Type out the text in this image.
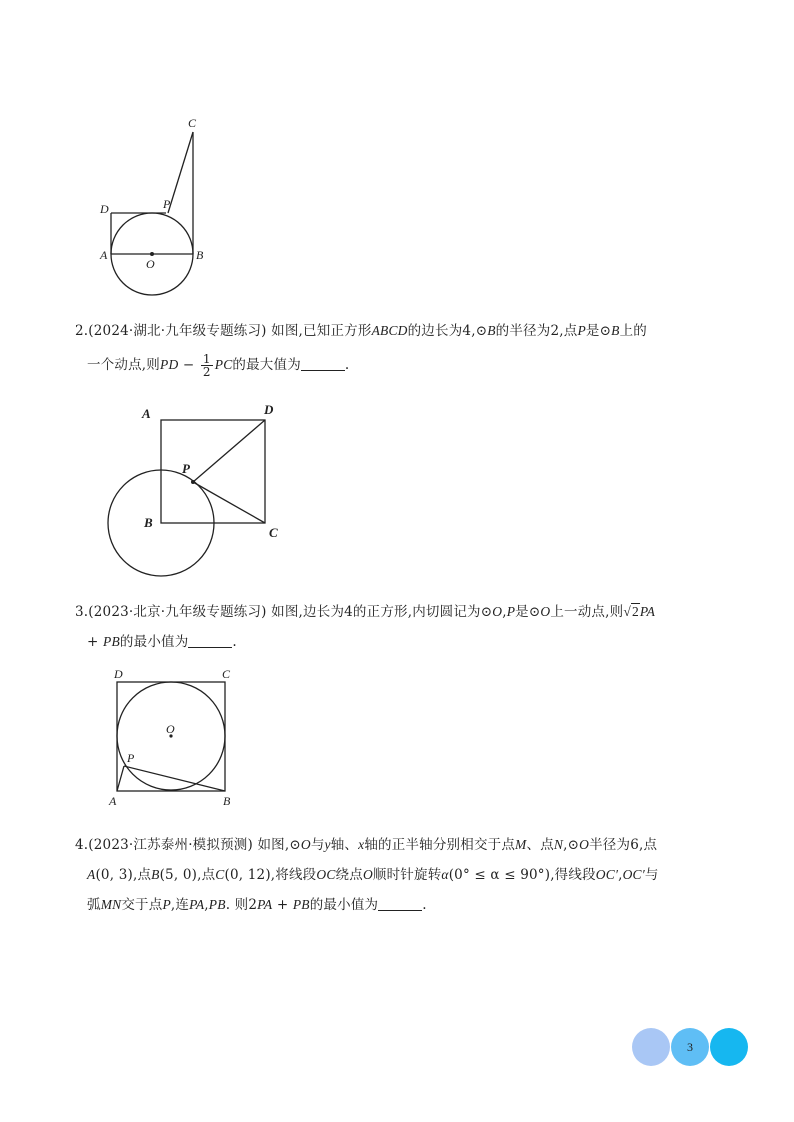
C
D	P
A
O
B
2.(2024·湖北·九年级专题练习) 如图,已知正方形ABCD的边长为4,⊙B的半径为2,点P是⊙B上的
一个动点,则PD − $\frac{1}{2}$ PC的最大值为	.
A	D
P
B
C
3.(2023·北京·九年级专题练习) 如图,边长为4的正方形,内切圆记为⊙O,P是⊙O上一动点,则√2PA
+ PB的最小值为	.
D	C
O
P
A	B
4.(2023·江苏泰州·模拟预测) 如图,⊙O与y轴、x轴的正半轴分别相交于点M、点N,⊙O半径为6,点
A(0, 3),点B(5, 0),点C(0, 12),将线段OC绕点O顺时针旋转α(0° ≤ α ≤ 90°),得线段OC′,OC′与
弧MN交于点P,连PA,PB. 则2PA + PB的最小值为	.
3
